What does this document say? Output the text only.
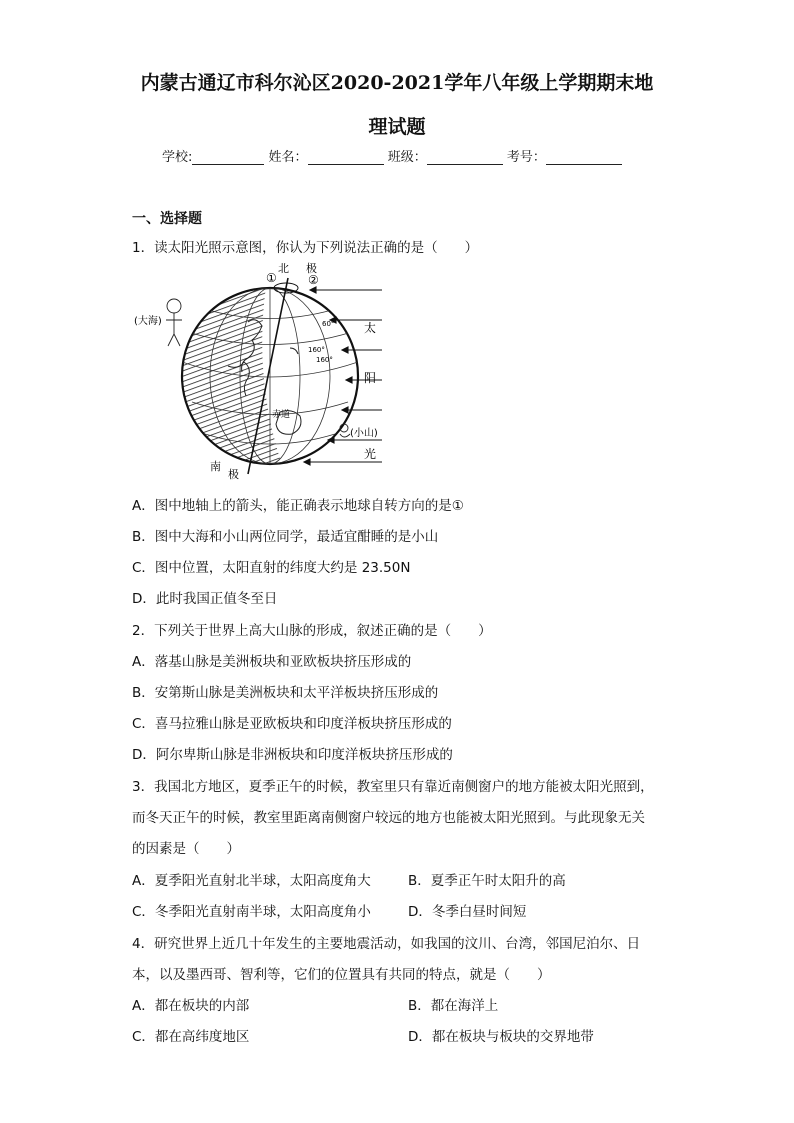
内蒙古通辽市科尔沁区2020-2021学年八年级上学期期末地
理试题
学校:	姓名：	班级：	考号：
一、选择题
1．读太阳光照示意图，你认为下列说法正确的是（　　）
①	②
北 极
太
阳
光
60°
160°
160°
赤道
(大海)
(小山)
南
极
A．图中地轴上的箭头，能正确表示地球自转方向的是①
B．图中大海和小山两位同学，最适宜酣睡的是小山
C．图中位置，太阳直射的纬度大约是 23.50N
D．此时我国正值冬至日
2．下列关于世界上高大山脉的形成，叙述正确的是（　　）
A．落基山脉是美洲板块和亚欧板块挤压形成的
B．安第斯山脉是美洲板块和太平洋板块挤压形成的
C．喜马拉雅山脉是亚欧板块和印度洋板块挤压形成的
D．阿尔卑斯山脉是非洲板块和印度洋板块挤压形成的
3．我国北方地区，夏季正午的时候，教室里只有靠近南侧窗户的地方能被太阳光照到，
而冬天正午的时候，教室里距离南侧窗户较远的地方也能被太阳光照到。与此现象无关
的因素是（　　）
A．夏季阳光直射北半球，太阳高度角大	B．夏季正午时太阳升的高
C．冬季阳光直射南半球，太阳高度角小	D．冬季白昼时间短
4．研究世界上近几十年发生的主要地震活动，如我国的汶川、台湾，邻国尼泊尔、日
本，以及墨西哥、智利等，它们的位置具有共同的特点，就是（　　）
A．都在板块的内部	B．都在海洋上
C．都在高纬度地区	D．都在板块与板块的交界地带
